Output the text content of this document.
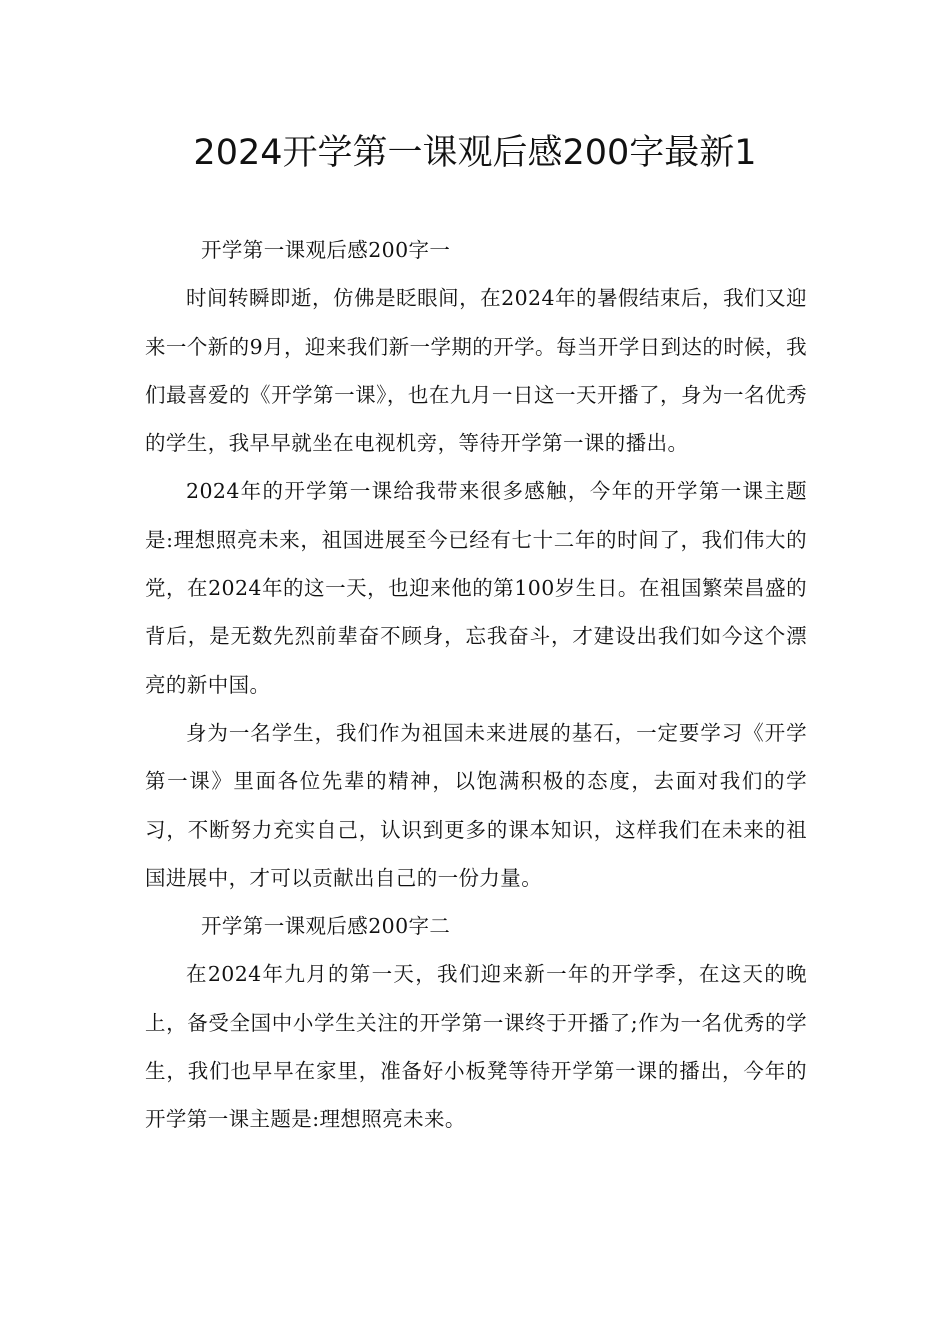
2024开学第一课观后感200字最新1

开学第一课观后感200字一

时间转瞬即逝，仿佛是眨眼间，在2024年的暑假结束后，我们又迎来一个新的9月，迎来我们新一学期的开学。每当开学日到达的时候，我们最喜爱的《开学第一课》，也在九月一日这一天开播了，身为一名优秀的学生，我早早就坐在电视机旁，等待开学第一课的播出。

2024年的开学第一课给我带来很多感触，今年的开学第一课主题是:理想照亮未来，祖国进展至今已经有七十二年的时间了，我们伟大的党，在2024年的这一天，也迎来他的第100岁生日。在祖国繁荣昌盛的背后，是无数先烈前辈奋不顾身，忘我奋斗，才建设出我们如今这个漂亮的新中国。

身为一名学生，我们作为祖国未来进展的基石，一定要学习《开学第一课》里面各位先辈的精神，以饱满积极的态度，去面对我们的学习，不断努力充实自己，认识到更多的课本知识，这样我们在未来的祖国进展中，才可以贡献出自己的一份力量。

开学第一课观后感200字二

在2024年九月的第一天，我们迎来新一年的开学季，在这天的晚上，备受全国中小学生关注的开学第一课终于开播了;作为一名优秀的学生，我们也早早在家里，准备好小板凳等待开学第一课的播出，今年的开学第一课主题是:理想照亮未来。
